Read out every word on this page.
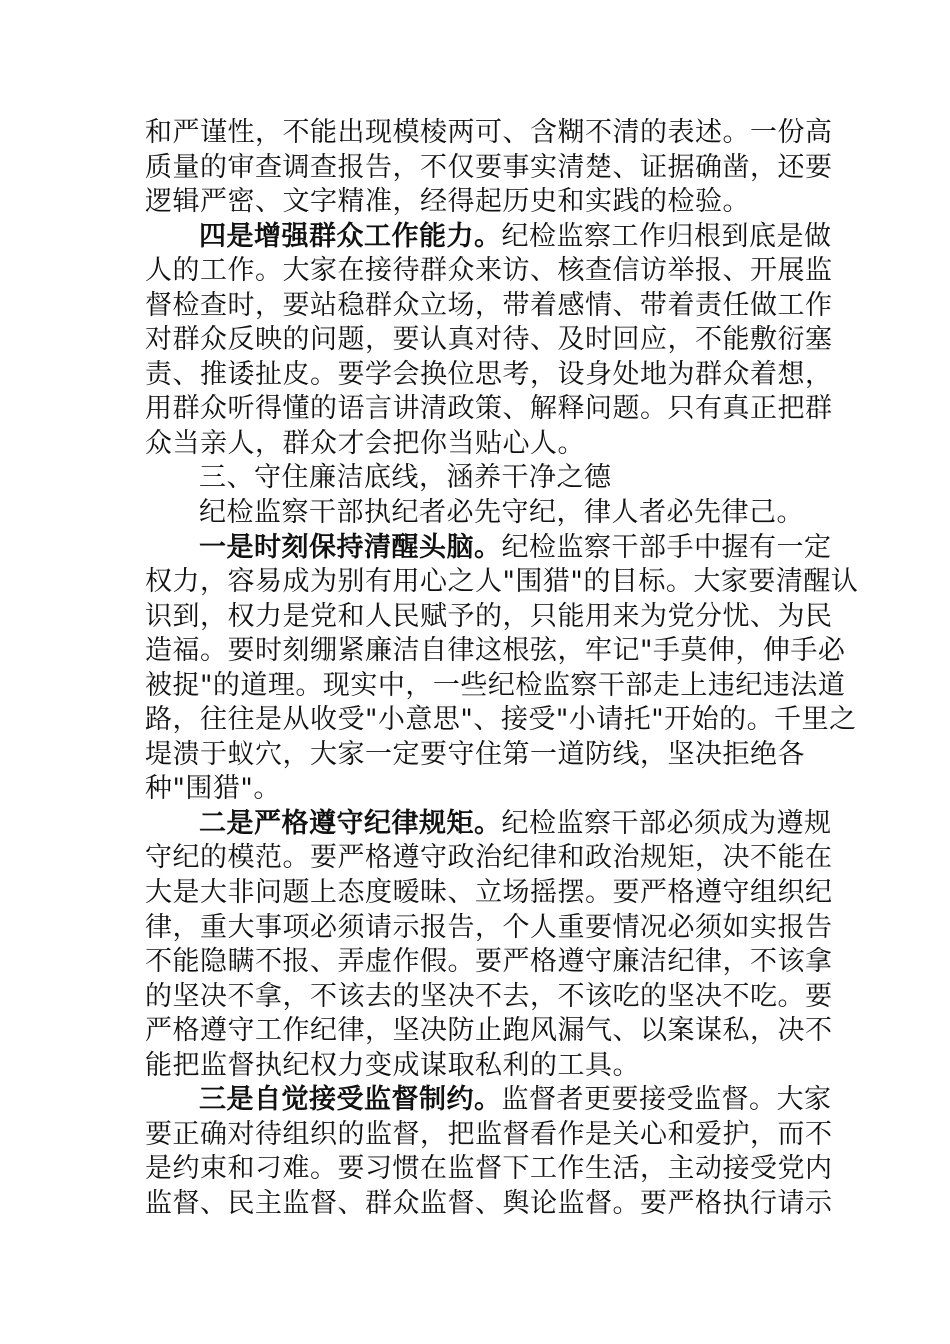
和严谨性，不能出现模棱两可、含糊不清的表述。一份高
质量的审查调查报告，不仅要事实清楚、证据确凿，还要
逻辑严密、文字精准，经得起历史和实践的检验。
四是增强群众工作能力。纪检监察工作归根到底是做
人的工作。大家在接待群众来访、核查信访举报、开展监
督检查时，要站稳群众立场，带着感情、带着责任做工作
对群众反映的问题，要认真对待、及时回应，不能敷衍塞
责、推诿扯皮。要学会换位思考，设身处地为群众着想，
用群众听得懂的语言讲清政策、解释问题。只有真正把群
众当亲人，群众才会把你当贴心人。
三、守住廉洁底线，涵养干净之德
纪检监察干部执纪者必先守纪，律人者必先律己。
一是时刻保持清醒头脑。纪检监察干部手中握有一定
权力，容易成为别有用心之人"围猎"的目标。大家要清醒认
识到，权力是党和人民赋予的，只能用来为党分忧、为民
造福。要时刻绷紧廉洁自律这根弦，牢记"手莫伸，伸手必
被捉"的道理。现实中，一些纪检监察干部走上违纪违法道
路，往往是从收受"小意思"、接受"小请托"开始的。千里之
堤溃于蚁穴，大家一定要守住第一道防线，坚决拒绝各
种"围猎"。
二是严格遵守纪律规矩。纪检监察干部必须成为遵规
守纪的模范。要严格遵守政治纪律和政治规矩，决不能在
大是大非问题上态度暧昧、立场摇摆。要严格遵守组织纪
律，重大事项必须请示报告，个人重要情况必须如实报告
不能隐瞒不报、弄虚作假。要严格遵守廉洁纪律，不该拿
的坚决不拿，不该去的坚决不去，不该吃的坚决不吃。要
严格遵守工作纪律，坚决防止跑风漏气、以案谋私，决不
能把监督执纪权力变成谋取私利的工具。
三是自觉接受监督制约。监督者更要接受监督。大家
要正确对待组织的监督，把监督看作是关心和爱护，而不
是约束和刁难。要习惯在监督下工作生活，主动接受党内
监督、民主监督、群众监督、舆论监督。要严格执行请示
